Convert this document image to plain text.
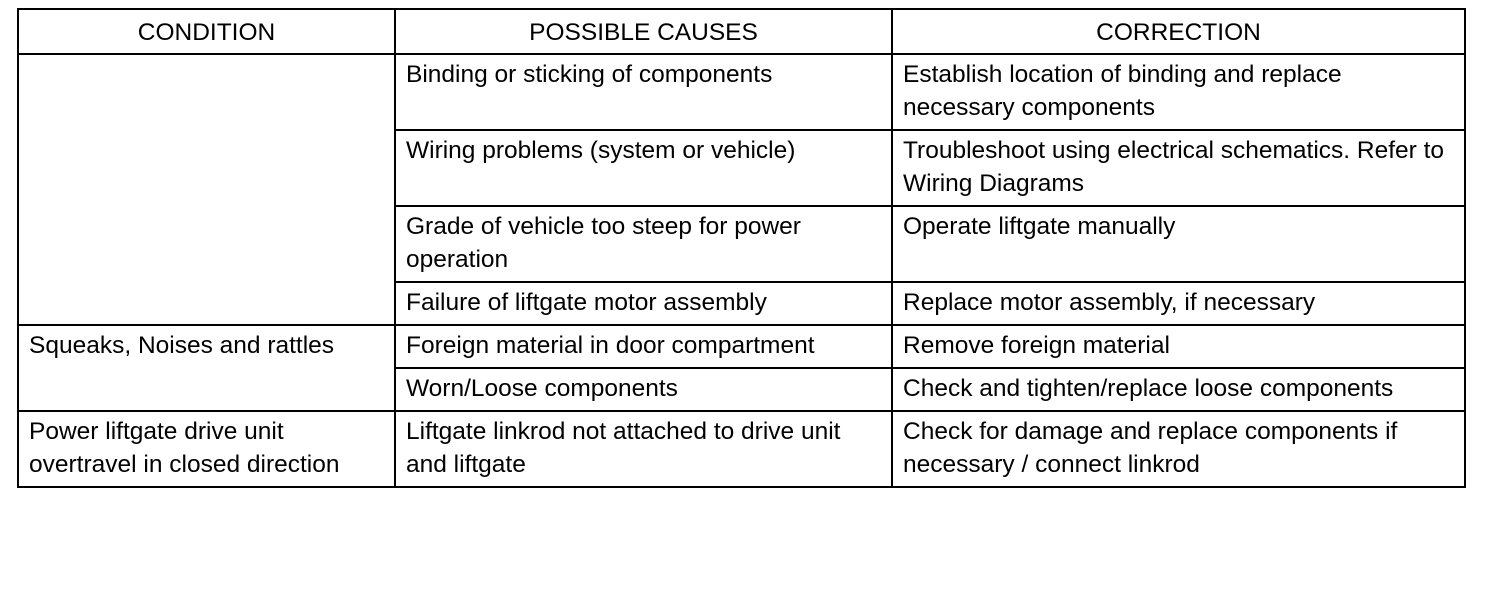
CONDITION	POSSIBLE CAUSES	CORRECTION
	Binding or sticking of components	Establish location of binding and replace necessary components
	Wiring problems (system or vehicle)	Troubleshoot using electrical schematics. Refer to Wiring Diagrams
	Grade of vehicle too steep for power operation	Operate liftgate manually
	Failure of liftgate motor assembly	Replace motor assembly, if necessary
Squeaks, Noises and rattles	Foreign material in door compartment	Remove foreign material
	Worn/Loose components	Check and tighten/replace loose components
Power liftgate drive unit overtravel in closed direction	Liftgate linkrod not attached to drive unit and liftgate	Check for damage and replace components if necessary / connect linkrod
